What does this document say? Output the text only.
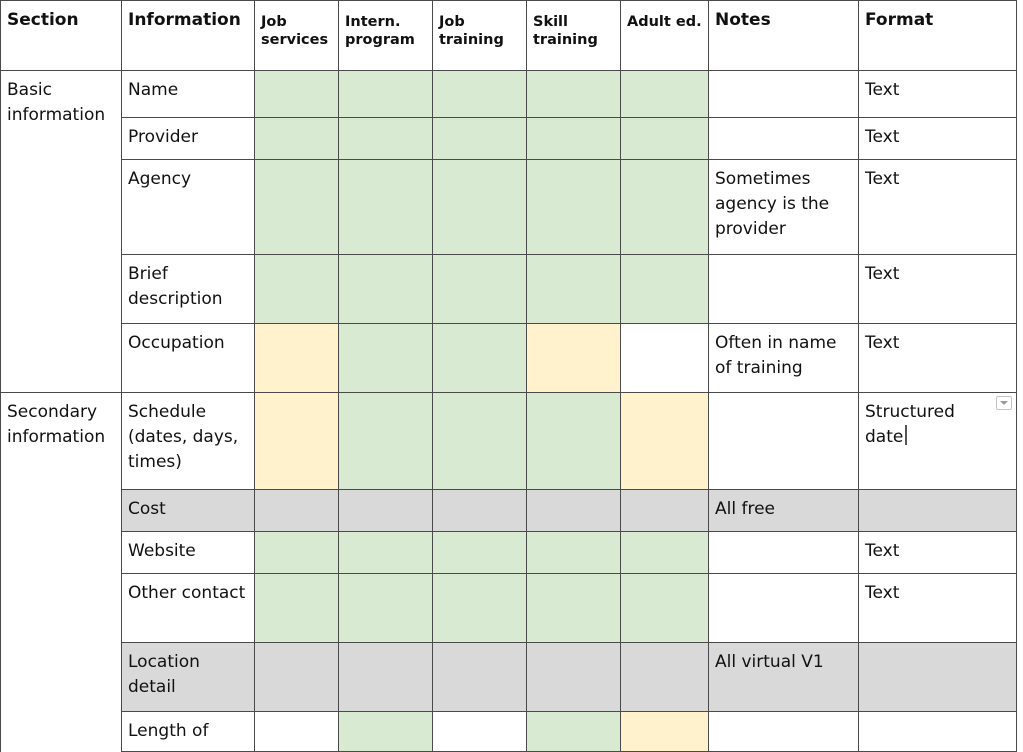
Section	Information	Job services	Intern. program	Job training	Skill training	Adult ed.	Notes	Format

Basic information	Name							Text
	Provider							Text
	Agency						Sometimes agency is the provider	Text
	Brief description							Text
	Occupation						Often in name of training	Text

Secondary information	Schedule (dates, days, times)							Structured date

	Cost						All free	
	Website							Text
	Other contact							Text
	Location detail						All virtual V1	
	Length of							
